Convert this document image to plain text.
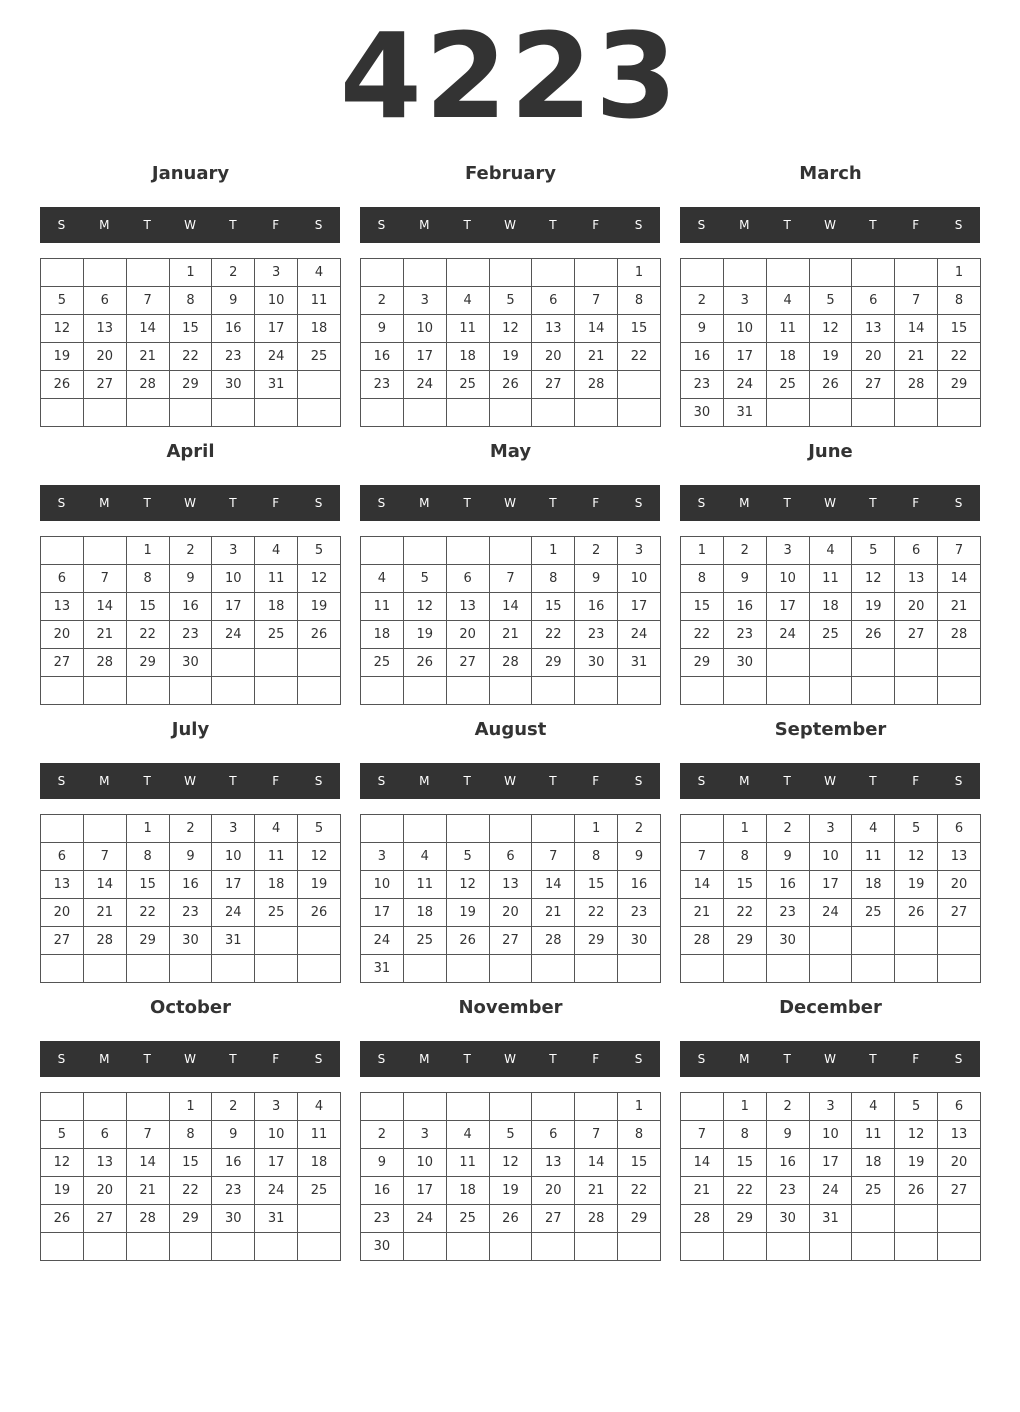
4223
January
S	M	T	W	T	F	S
			1	2	3	4
5	6	7	8	9	10	11
12	13	14	15	16	17	18
19	20	21	22	23	24	25
26	27	28	29	30	31	

February
S	M	T	W	T	F	S
						1
2	3	4	5	6	7	8
9	10	11	12	13	14	15
16	17	18	19	20	21	22
23	24	25	26	27	28	

March
S	M	T	W	T	F	S
						1
2	3	4	5	6	7	8
9	10	11	12	13	14	15
16	17	18	19	20	21	22
23	24	25	26	27	28	29
30	31					
April
S	M	T	W	T	F	S
		1	2	3	4	5
6	7	8	9	10	11	12
13	14	15	16	17	18	19
20	21	22	23	24	25	26
27	28	29	30			

May
S	M	T	W	T	F	S
				1	2	3
4	5	6	7	8	9	10
11	12	13	14	15	16	17
18	19	20	21	22	23	24
25	26	27	28	29	30	31

June
S	M	T	W	T	F	S
1	2	3	4	5	6	7
8	9	10	11	12	13	14
15	16	17	18	19	20	21
22	23	24	25	26	27	28
29	30					

July
S	M	T	W	T	F	S
		1	2	3	4	5
6	7	8	9	10	11	12
13	14	15	16	17	18	19
20	21	22	23	24	25	26
27	28	29	30	31		

August
S	M	T	W	T	F	S
					1	2
3	4	5	6	7	8	9
10	11	12	13	14	15	16
17	18	19	20	21	22	23
24	25	26	27	28	29	30
31						
September
S	M	T	W	T	F	S
	1	2	3	4	5	6
7	8	9	10	11	12	13
14	15	16	17	18	19	20
21	22	23	24	25	26	27
28	29	30				

October
S	M	T	W	T	F	S
			1	2	3	4
5	6	7	8	9	10	11
12	13	14	15	16	17	18
19	20	21	22	23	24	25
26	27	28	29	30	31	

November
S	M	T	W	T	F	S
						1
2	3	4	5	6	7	8
9	10	11	12	13	14	15
16	17	18	19	20	21	22
23	24	25	26	27	28	29
30						
December
S	M	T	W	T	F	S
	1	2	3	4	5	6
7	8	9	10	11	12	13
14	15	16	17	18	19	20
21	22	23	24	25	26	27
28	29	30	31			
